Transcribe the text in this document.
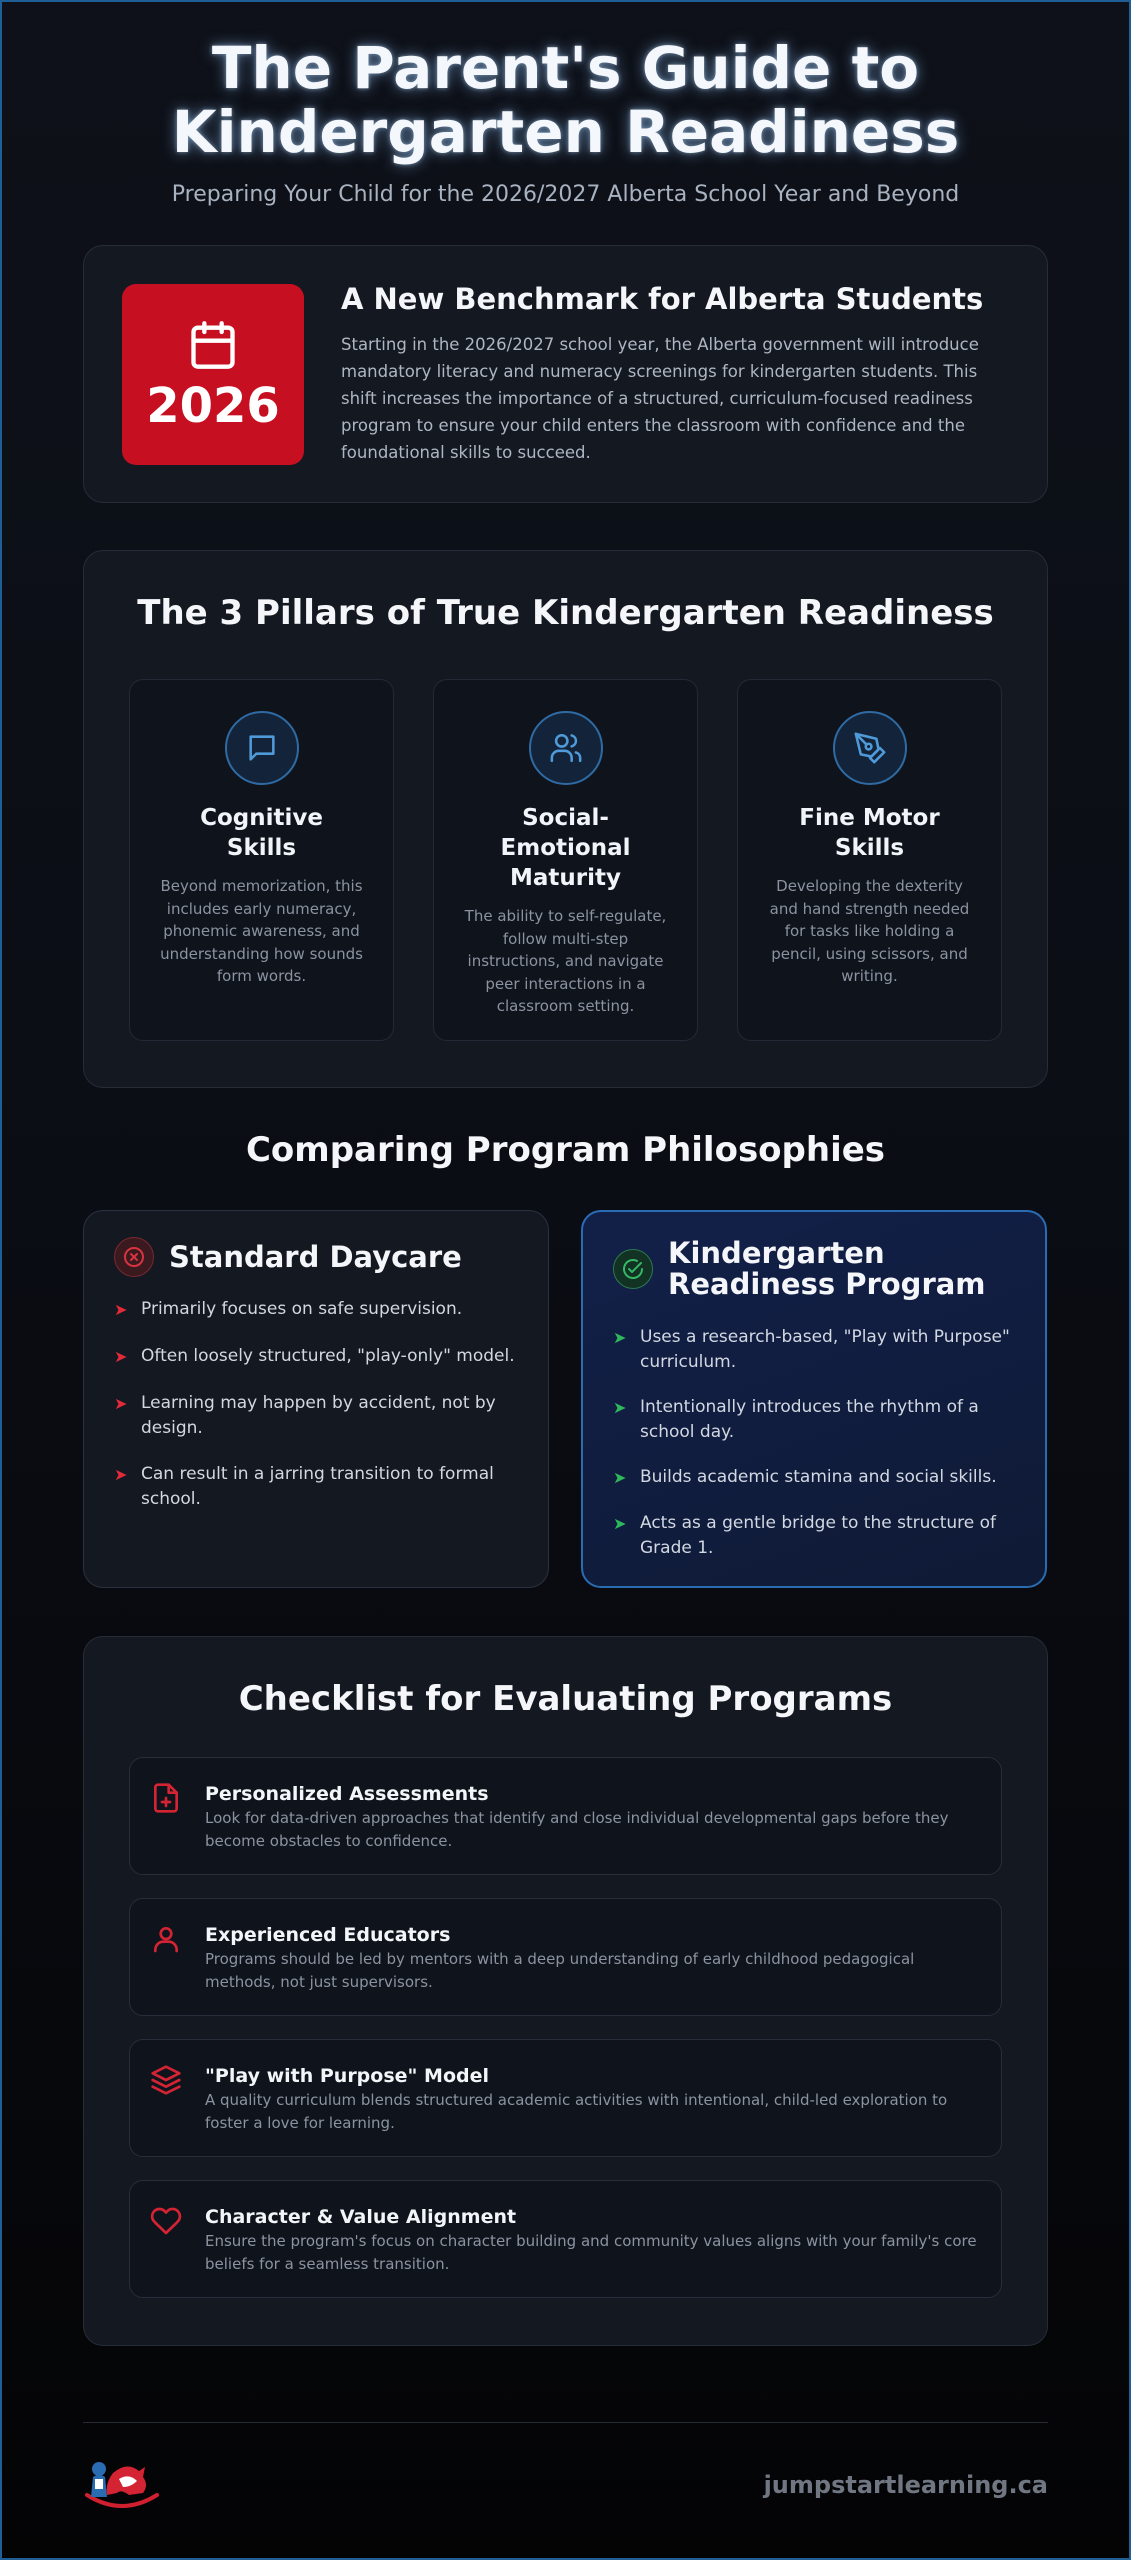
The Parent's Guide to Kindergarten Readiness
Preparing Your Child for the 2026/2027 Alberta School Year and Beyond
2026
A New Benchmark for Alberta Students

Starting in the 2026/2027 school year, the Alberta government will introduce mandatory literacy and numeracy screenings for kindergarten students. This shift increases the importance of a structured, curriculum-focused readiness program to ensure your child enters the classroom with confidence and the foundational skills to succeed.

The 3 Pillars of True Kindergarten Readiness
Cognitive Skills

Beyond memorization, this includes early numeracy, phonemic awareness, and understanding how sounds form words.

Social-Emotional Maturity

The ability to self-regulate, follow multi-step instructions, and navigate peer interactions in a classroom setting.

Fine Motor Skills

Developing the dexterity and hand strength needed for tasks like holding a pencil, using scissors, and writing.

Comparing Program Philosophies
Standard Daycare
➤ Primarily focuses on safe supervision.
➤ Often loosely structured, "play-only" model.
➤ Learning may happen by accident, not by design.
➤ Can result in a jarring transition to formal school.
Kindergarten Readiness Program
➤ Uses a research-based, "Play with Purpose" curriculum.
➤ Intentionally introduces the rhythm of a school day.
➤ Builds academic stamina and social skills.
➤ Acts as a gentle bridge to the structure of Grade 1.
Checklist for Evaluating Programs
Personalized Assessments

Look for data-driven approaches that identify and close individual developmental gaps before they become obstacles to confidence.

Experienced Educators

Programs should be led by mentors with a deep understanding of early childhood pedagogical methods, not just supervisors.

"Play with Purpose" Model

A quality curriculum blends structured academic activities with intentional, child-led exploration to foster a love for learning.

Character & Value Alignment

Ensure the program's focus on character building and community values aligns with your family's core beliefs for a seamless transition.

jumpstartlearning.ca
